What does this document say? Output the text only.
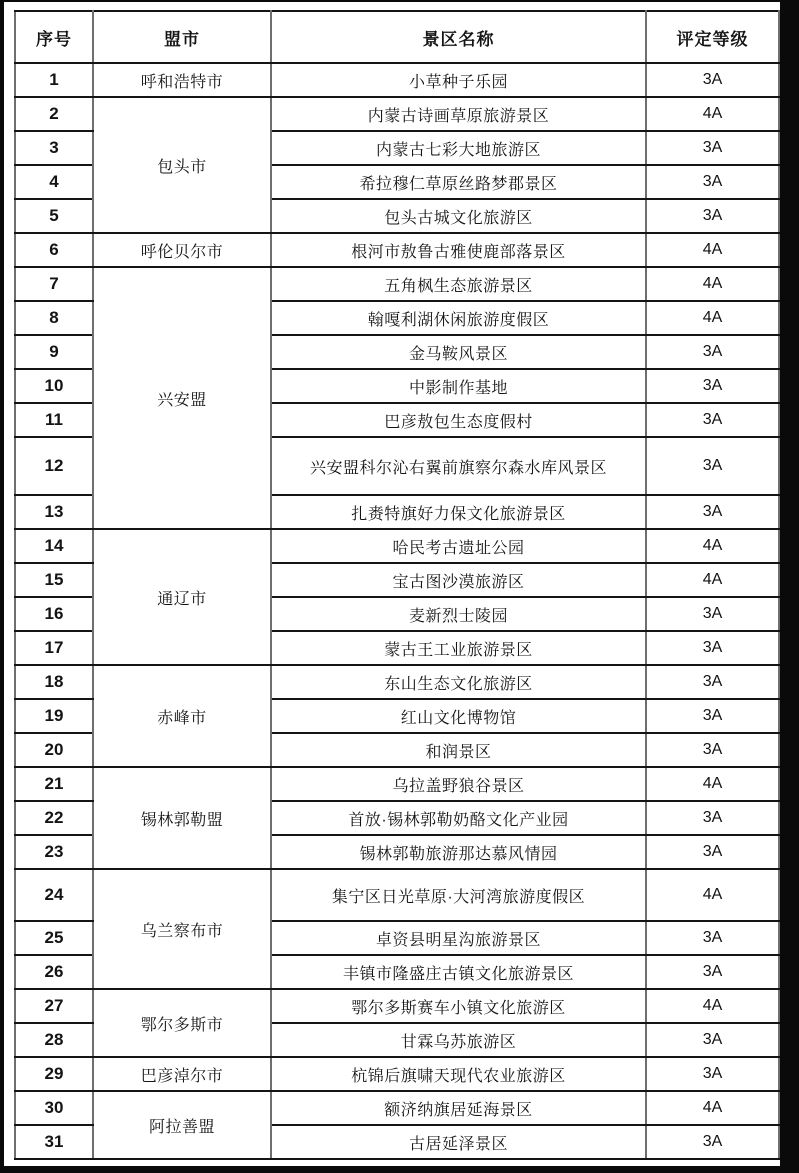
序号	盟市	景区名称	评定等级
1	呼和浩特市	小草种子乐园	3A
2	包头市	内蒙古诗画草原旅游景区	4A
3		内蒙古七彩大地旅游区	3A
4		希拉穆仁草原丝路梦郡景区	3A
5		包头古城文化旅游区	3A
6	呼伦贝尔市	根河市敖鲁古雅使鹿部落景区	4A
7	兴安盟	五角枫生态旅游景区	4A
8		翰嘎利湖休闲旅游度假区	4A
9		金马鞍风景区	3A
10		中影制作基地	3A
11		巴彦敖包生态度假村	3A
12		兴安盟科尔沁右翼前旗察尔森水库风景区	3A
13		扎赉特旗好力保文化旅游景区	3A
14	通辽市	哈民考古遗址公园	4A
15		宝古图沙漠旅游区	4A
16		麦新烈士陵园	3A
17		蒙古王工业旅游景区	3A
18	赤峰市	东山生态文化旅游区	3A
19		红山文化博物馆	3A
20		和润景区	3A
21	锡林郭勒盟	乌拉盖野狼谷景区	4A
22		首放·锡林郭勒奶酪文化产业园	3A
23		锡林郭勒旅游那达慕风情园	3A
24	乌兰察布市	集宁区日光草原·大河湾旅游度假区	4A
25		卓资县明星沟旅游景区	3A
26		丰镇市隆盛庄古镇文化旅游景区	3A
27	鄂尔多斯市	鄂尔多斯赛车小镇文化旅游区	4A
28		甘霖乌苏旅游区	3A
29	巴彦淖尔市	杭锦后旗啸天现代农业旅游区	3A
30	阿拉善盟	额济纳旗居延海景区	4A
31		古居延泽景区	3A
